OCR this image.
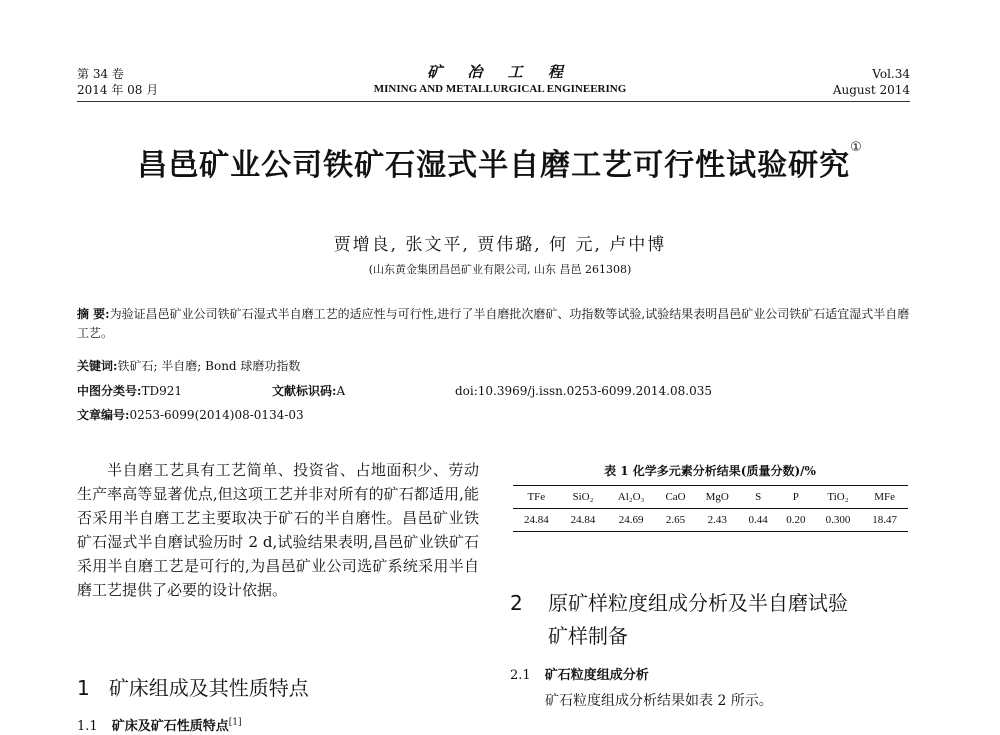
第 34 卷
2014 年 08 月
矿 冶 工 程
MINING AND METALLURGICAL ENGINEERING
Vol.34
August 2014
昌邑矿业公司铁矿石湿式半自磨工艺可行性试验研究①
贾增良, 张文平, 贾伟璐, 何 元, 卢中博
(山东黄金集团昌邑矿业有限公司, 山东 昌邑 261308)
摘 要:为验证昌邑矿业公司铁矿石湿式半自磨工艺的适应性与可行性,进行了半自磨批次磨矿、功指数等试验,试验结果表明昌邑矿业公司铁矿石适宜湿式半自磨工艺。
关键词:铁矿石; 半自磨; Bond 球磨功指数
中图分类号:TD921	文献标识码:A	doi:10.3969/j.issn.0253-6099.2014.08.035
文章编号:0253-6099(2014)08-0134-03
半自磨工艺具有工艺简单、投资省、占地面积少、劳动生产率高等显著优点,但这项工艺并非对所有的矿石都适用,能否采用半自磨工艺主要取决于矿石的半自磨性。昌邑矿业铁矿石湿式半自磨试验历时 2 d,试验结果表明,昌邑矿业铁矿石采用半自磨工艺是可行的,为昌邑矿业公司选矿系统采用半自磨工艺提供了必要的设计依据。
1 矿床组成及其性质特点
1.1 矿床及矿石性质特点[1]
表 1 化学多元素分析结果(质量分数)/%
TFe	SiO₂	Al₂O₃	CaO	MgO	S	P	TiO₂	MFe
24.84	24.84	24.69	2.65	2.43	0.44	0.20	0.300	18.47
2 原矿样粒度组成分析及半自磨试验
矿样制备
2.1 矿石粒度组成分析
矿石粒度组成分析结果如表 2 所示。
